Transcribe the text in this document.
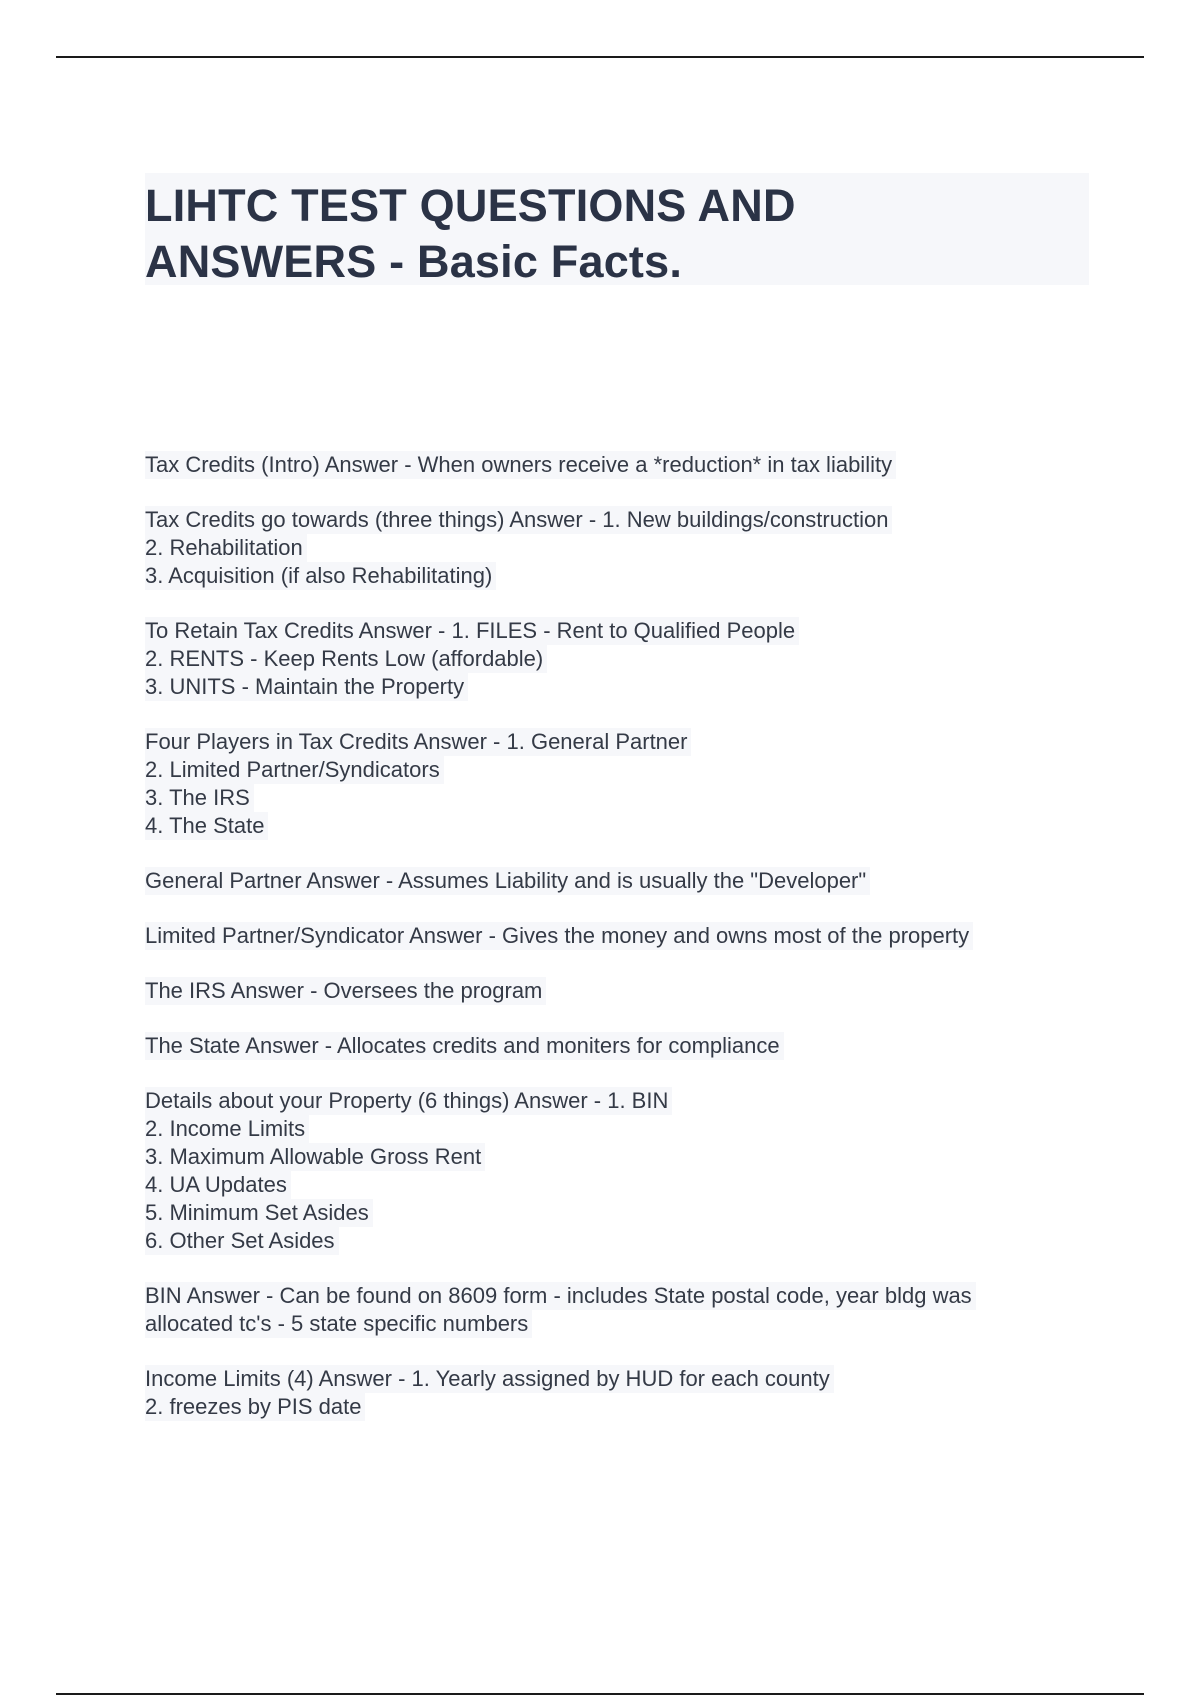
LIHTC TEST QUESTIONS AND
ANSWERS - Basic Facts.
Tax Credits (Intro) Answer - When owners receive a *reduction* in tax liability
Tax Credits go towards (three things) Answer - 1. New buildings/construction
2. Rehabilitation
3. Acquisition (if also Rehabilitating)
To Retain Tax Credits Answer - 1. FILES - Rent to Qualified People
2. RENTS - Keep Rents Low (affordable)
3. UNITS - Maintain the Property
Four Players in Tax Credits Answer - 1. General Partner
2. Limited Partner/Syndicators
3. The IRS
4. The State
General Partner Answer - Assumes Liability and is usually the "Developer"
Limited Partner/Syndicator Answer - Gives the money and owns most of the property
The IRS Answer - Oversees the program
The State Answer - Allocates credits and moniters for compliance
Details about your Property (6 things) Answer - 1. BIN
2. Income Limits
3. Maximum Allowable Gross Rent
4. UA Updates
5. Minimum Set Asides
6. Other Set Asides
BIN Answer - Can be found on 8609 form - includes State postal code, year bldg was
allocated tc's - 5 state specific numbers
Income Limits (4) Answer - 1. Yearly assigned by HUD for each county
2. freezes by PIS date
